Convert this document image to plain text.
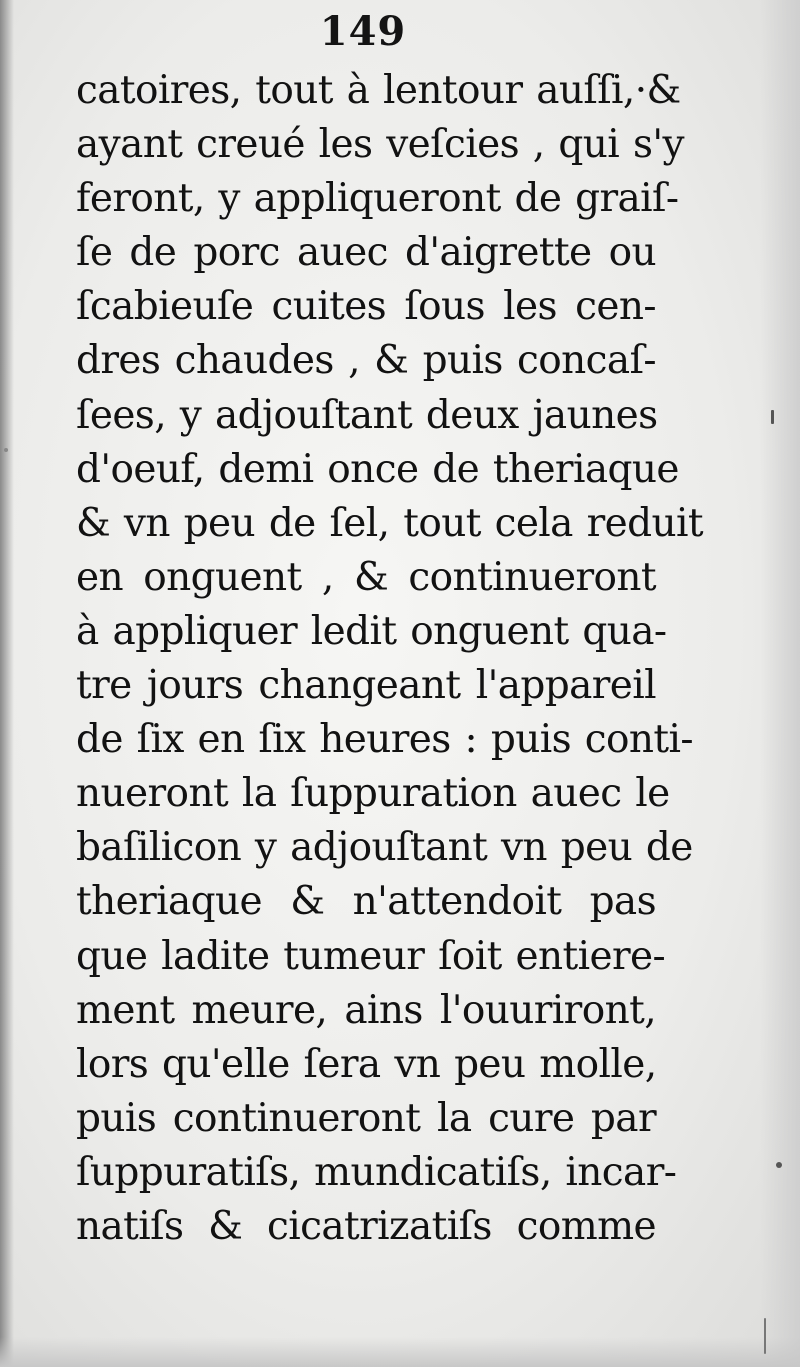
149
catoires, tout à lentour auſſi,·&
ayant creué les veſcies , qui s'y
feront, y appliqueront de graiſ-
ſe de porc auec d'aigrette ou
ſcabieuſe cuites ſous les cen-
dres chaudes , & puis concaſ-
ſees, y adjouſtant deux jaunes
d'oeuf, demi once de theriaque
& vn peu de ſel, tout cela reduit
en onguent , & continueront
à appliquer ledit onguent qua-
tre jours changeant l'appareil
de ſix en ſix heures : puis conti-
nueront la ſuppuration auec le
baſilicon y adjouſtant vn peu de
theriaque & n'attendoit pas
que ladite tumeur ſoit entiere-
ment meure, ains l'ouuriront,
lors qu'elle ſera vn peu molle,
puis continueront la cure par
ſuppuratiſs, mundicatiſs, incar-
natiſs & cicatrizatiſs comme
